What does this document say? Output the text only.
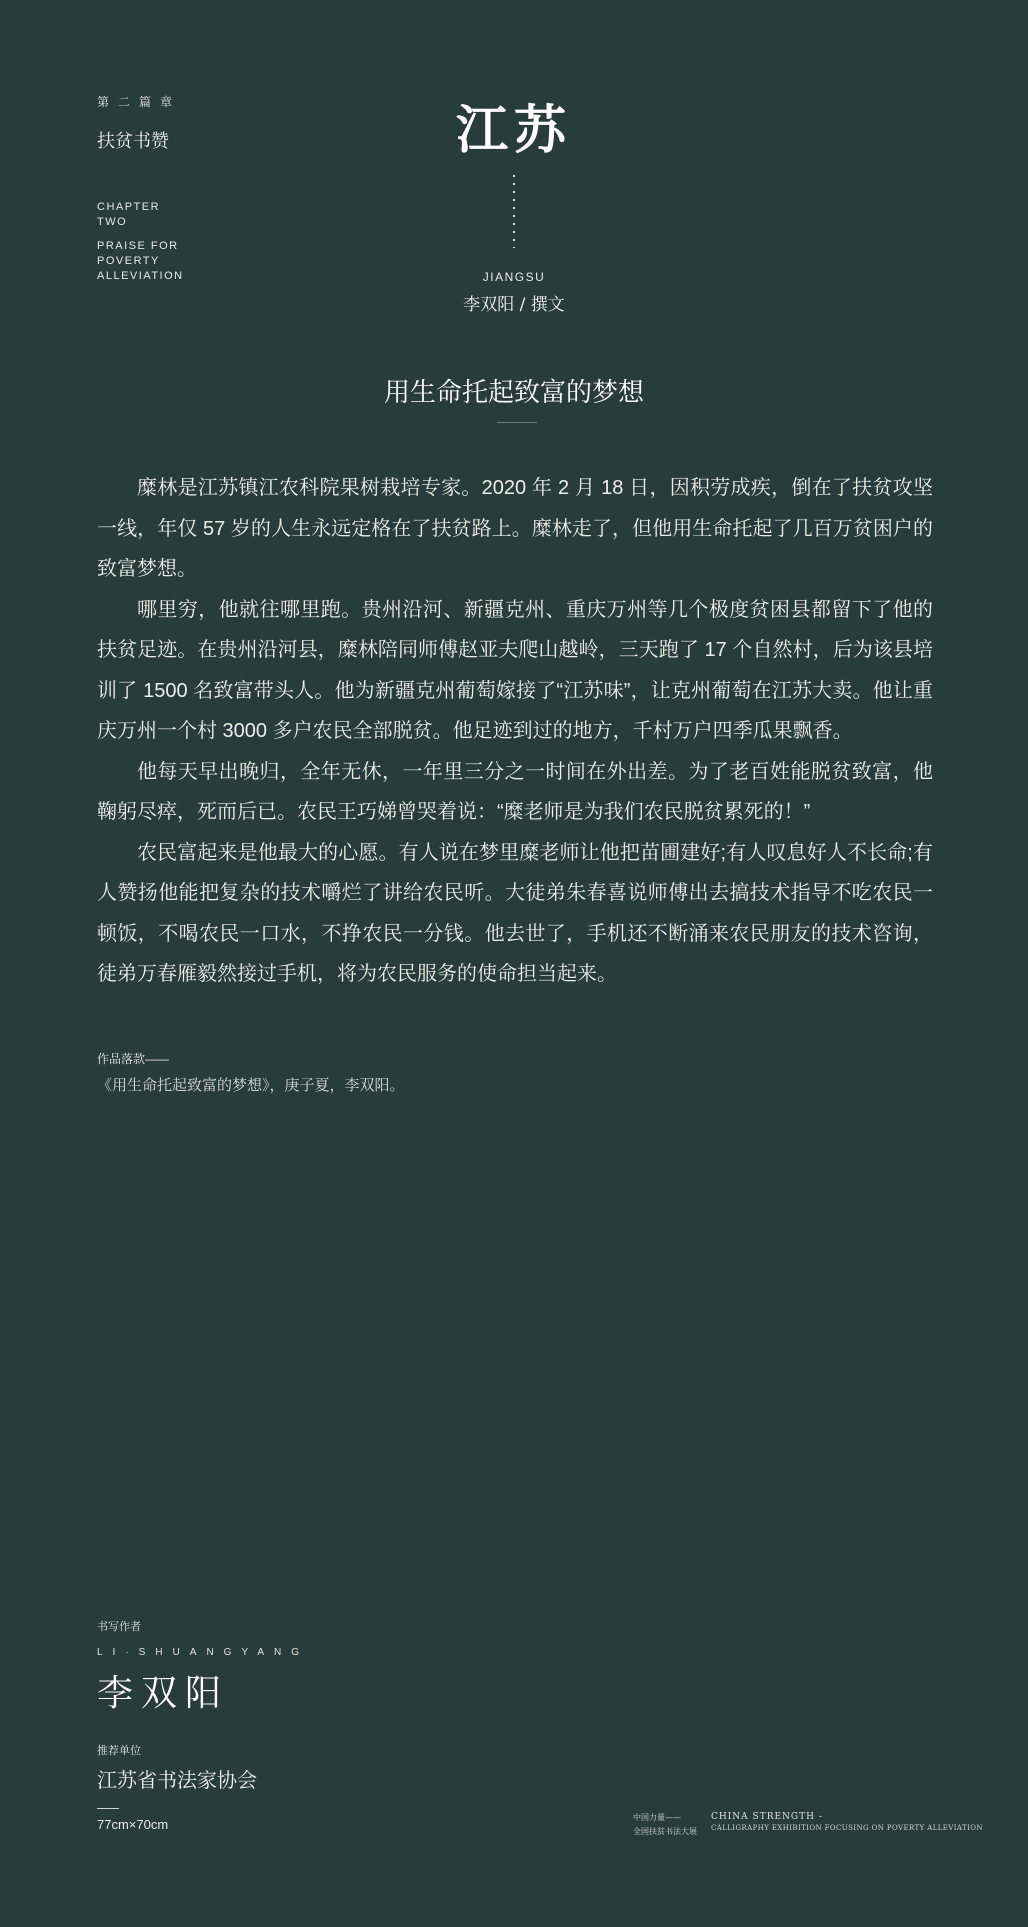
第二篇章
扶贫书赞
CHAPTER
TWO
PRAISE FOR
POVERTY
ALLEVIATION
江苏
JIANGSU
李双阳 / 撰文
用生命托起致富的梦想

糜林是江苏镇江农科院果树栽培专家。2020 年 2 月 18 日，因积劳成疾，倒在了扶贫攻坚一线，年仅 57 岁的人生永远定格在了扶贫路上。糜林走了，但他用生命托起了几百万贫困户的致富梦想。

哪里穷，他就往哪里跑。贵州沿河、新疆克州、重庆万州等几个极度贫困县都留下了他的扶贫足迹。在贵州沿河县，糜林陪同师傅赵亚夫爬山越岭，三天跑了 17 个自然村，后为该县培训了 1500 名致富带头人。他为新疆克州葡萄嫁接了“江苏味”，让克州葡萄在江苏大卖。他让重庆万州一个村 3000 多户农民全部脱贫。他足迹到过的地方，千村万户四季瓜果飘香。

他每天早出晚归，全年无休，一年里三分之一时间在外出差。为了老百姓能脱贫致富，他鞠躬尽瘁，死而后已。农民王巧娣曾哭着说：“糜老师是为我们农民脱贫累死的！”

农民富起来是他最大的心愿。有人说在梦里糜老师让他把苗圃建好;有人叹息好人不长命;有人赞扬他能把复杂的技术嚼烂了讲给农民听。大徒弟朱春喜说师傅出去搞技术指导不吃农民一顿饭，不喝农民一口水，不挣农民一分钱。他去世了，手机还不断涌来农民朋友的技术咨询，徒弟万春雁毅然接过手机，将为农民服务的使命担当起来。

作品落款——
《用生命托起致富的梦想》，庚子夏，李双阳。
书写作者
LI·SHUANGYANG
李双阳
推荐单位
江苏省书法家协会
77cm×70cm	中国力量——
全国扶贫书法大展
CHINA STRENGTH -
CALLIGRAPHY EXHIBITION FOCUSING ON POVERTY ALLEVIATION
